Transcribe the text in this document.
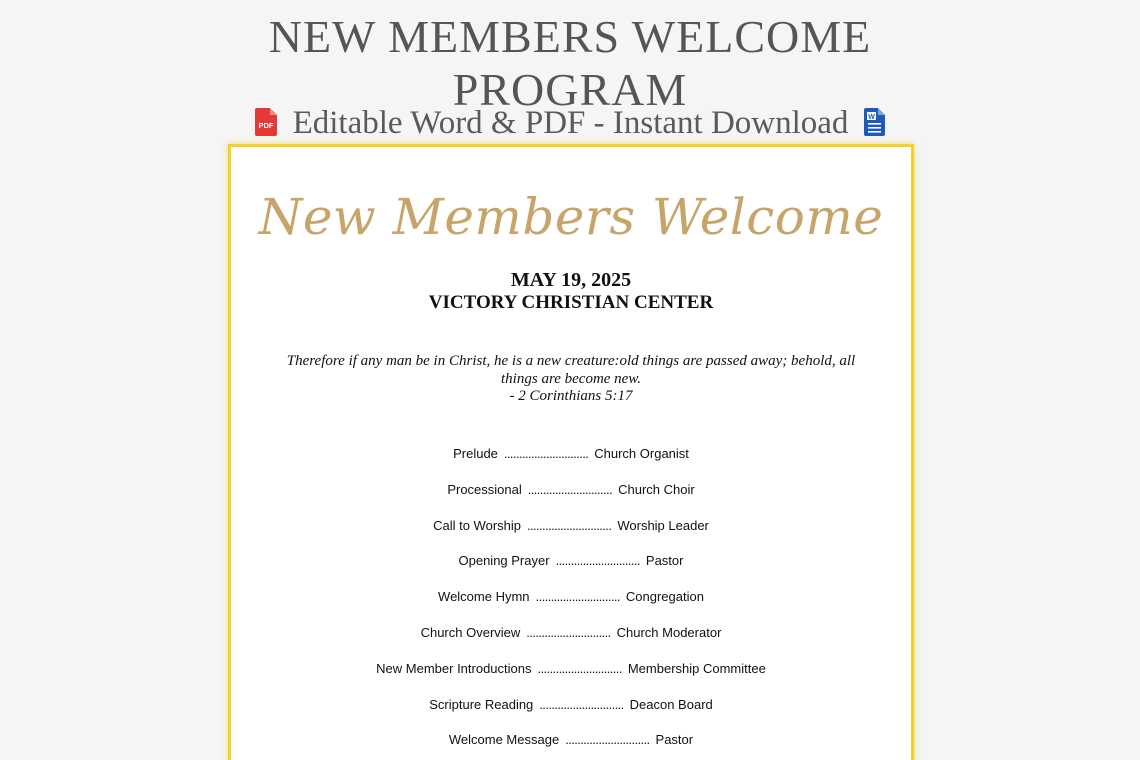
NEW MEMBERS WELCOME
PROGRAM
PDF Editable Word & PDF - Instant Download	W
New Members Welcome
MAY 19, 2025
VICTORY CHRISTIAN CENTER
Therefore if any man be in Christ, he is a new creature:old things are passed away; behold, all things are become new.
- 2 Corinthians 5:17
Prelude ............................ Church Organist
Processional ............................ Church Choir
Call to Worship ............................ Worship Leader
Opening Prayer ............................ Pastor
Welcome Hymn ............................ Congregation
Church Overview ............................ Church Moderator
New Member Introductions ............................ Membership Committee
Scripture Reading ............................ Deacon Board
Welcome Message ............................ Pastor
